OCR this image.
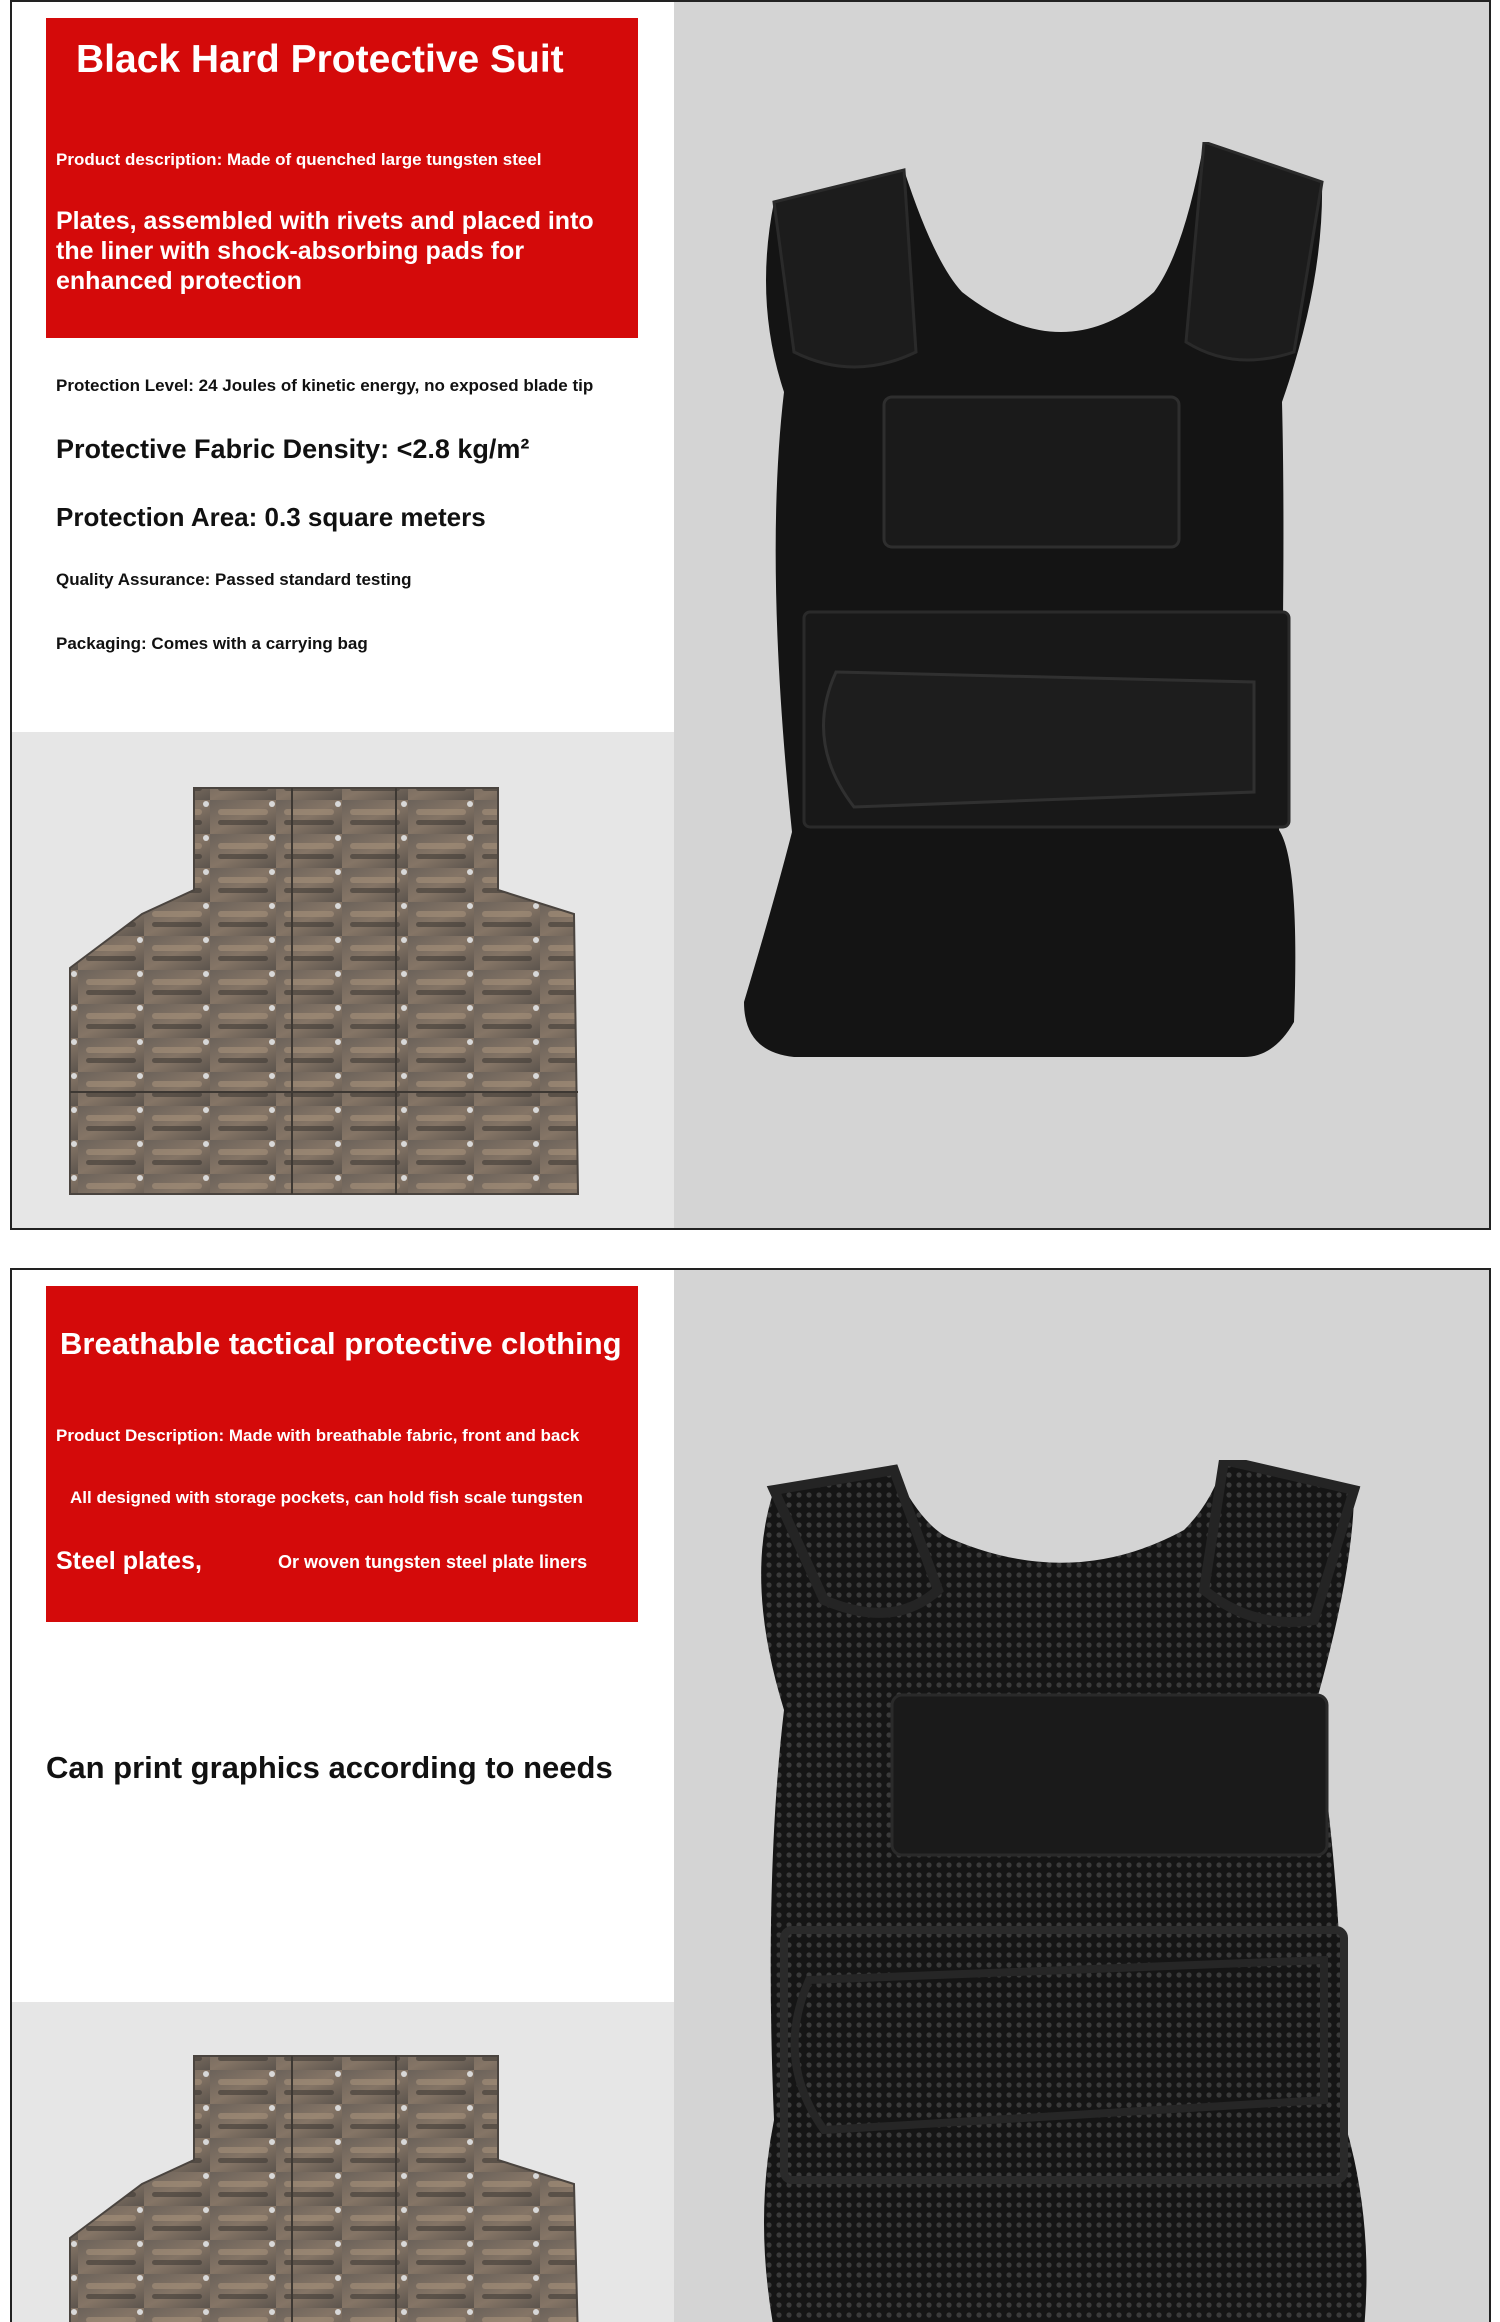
Black Hard Protective Suit
Product description: Made of quenched large tungsten steel
Plates, assembled with rivets and placed into the liner with shock-absorbing pads for enhanced protection
Protection Level: 24 Joules of kinetic energy, no exposed blade tip
Protective Fabric Density: <2.8 kg/m²
Protection Area: 0.3 square meters
Quality Assurance: Passed standard testing
Packaging: Comes with a carrying bag
Breathable tactical protective clothing
Product Description: Made with breathable fabric, front and back
All designed with storage pockets, can hold fish scale tungsten
Steel plates,	Or woven tungsten steel plate liners
Can print graphics according to needs
